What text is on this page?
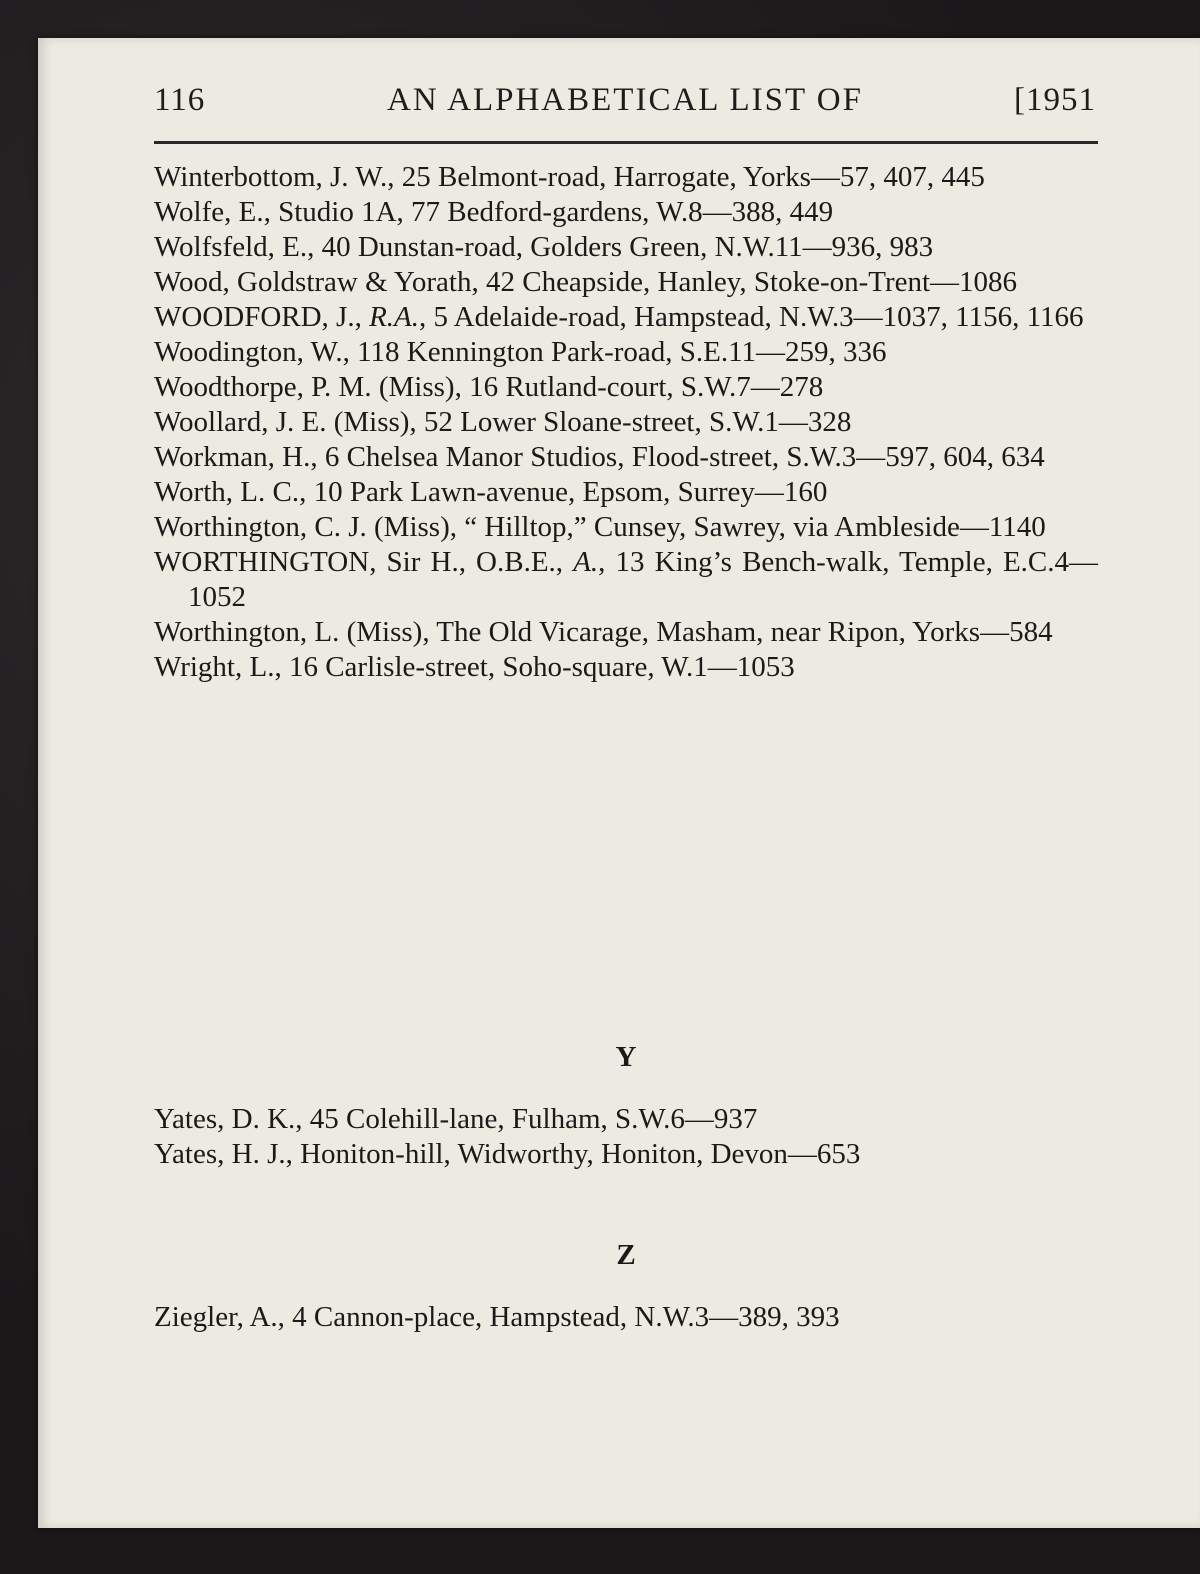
116	AN ALPHABETICAL LIST OF	[1951

Winterbottom, J. W., 25 Belmont-road, Harrogate, Yorks—57, 407, 445

Wolfe, E., Studio 1A, 77 Bedford-gardens, W.8—388, 449

Wolfsfeld, E., 40 Dunstan-road, Golders Green, N.W.11—936, 983

Wood, Goldstraw & Yorath, 42 Cheapside, Hanley, Stoke-on-Trent—1086

WOODFORD, J., R.A., 5 Adelaide-road, Hampstead, N.W.3—1037, 1156, 1166

Woodington, W., 118 Kennington Park-road, S.E.11—259, 336

Woodthorpe, P. M. (Miss), 16 Rutland-court, S.W.7—278

Woollard, J. E. (Miss), 52 Lower Sloane-street, S.W.1—328

Workman, H., 6 Chelsea Manor Studios, Flood-street, S.W.3—597, 604, 634

Worth, L. C., 10 Park Lawn-avenue, Epsom, Surrey—160

Worthington, C. J. (Miss), “ Hilltop,” Cunsey, Sawrey, via Ambleside—1140

WORTHINGTON, Sir H., O.B.E., A., 13 King’s Bench-walk, Temple, E.C.4—1052

Worthington, L. (Miss), The Old Vicarage, Masham, near Ripon, Yorks—584

Wright, L., 16 Carlisle-street, Soho-square, W.1—1053

Y

Yates, D. K., 45 Colehill-lane, Fulham, S.W.6—937

Yates, H. J., Honiton-hill, Widworthy, Honiton, Devon—653

Z

Ziegler, A., 4 Cannon-place, Hampstead, N.W.3—389, 393
